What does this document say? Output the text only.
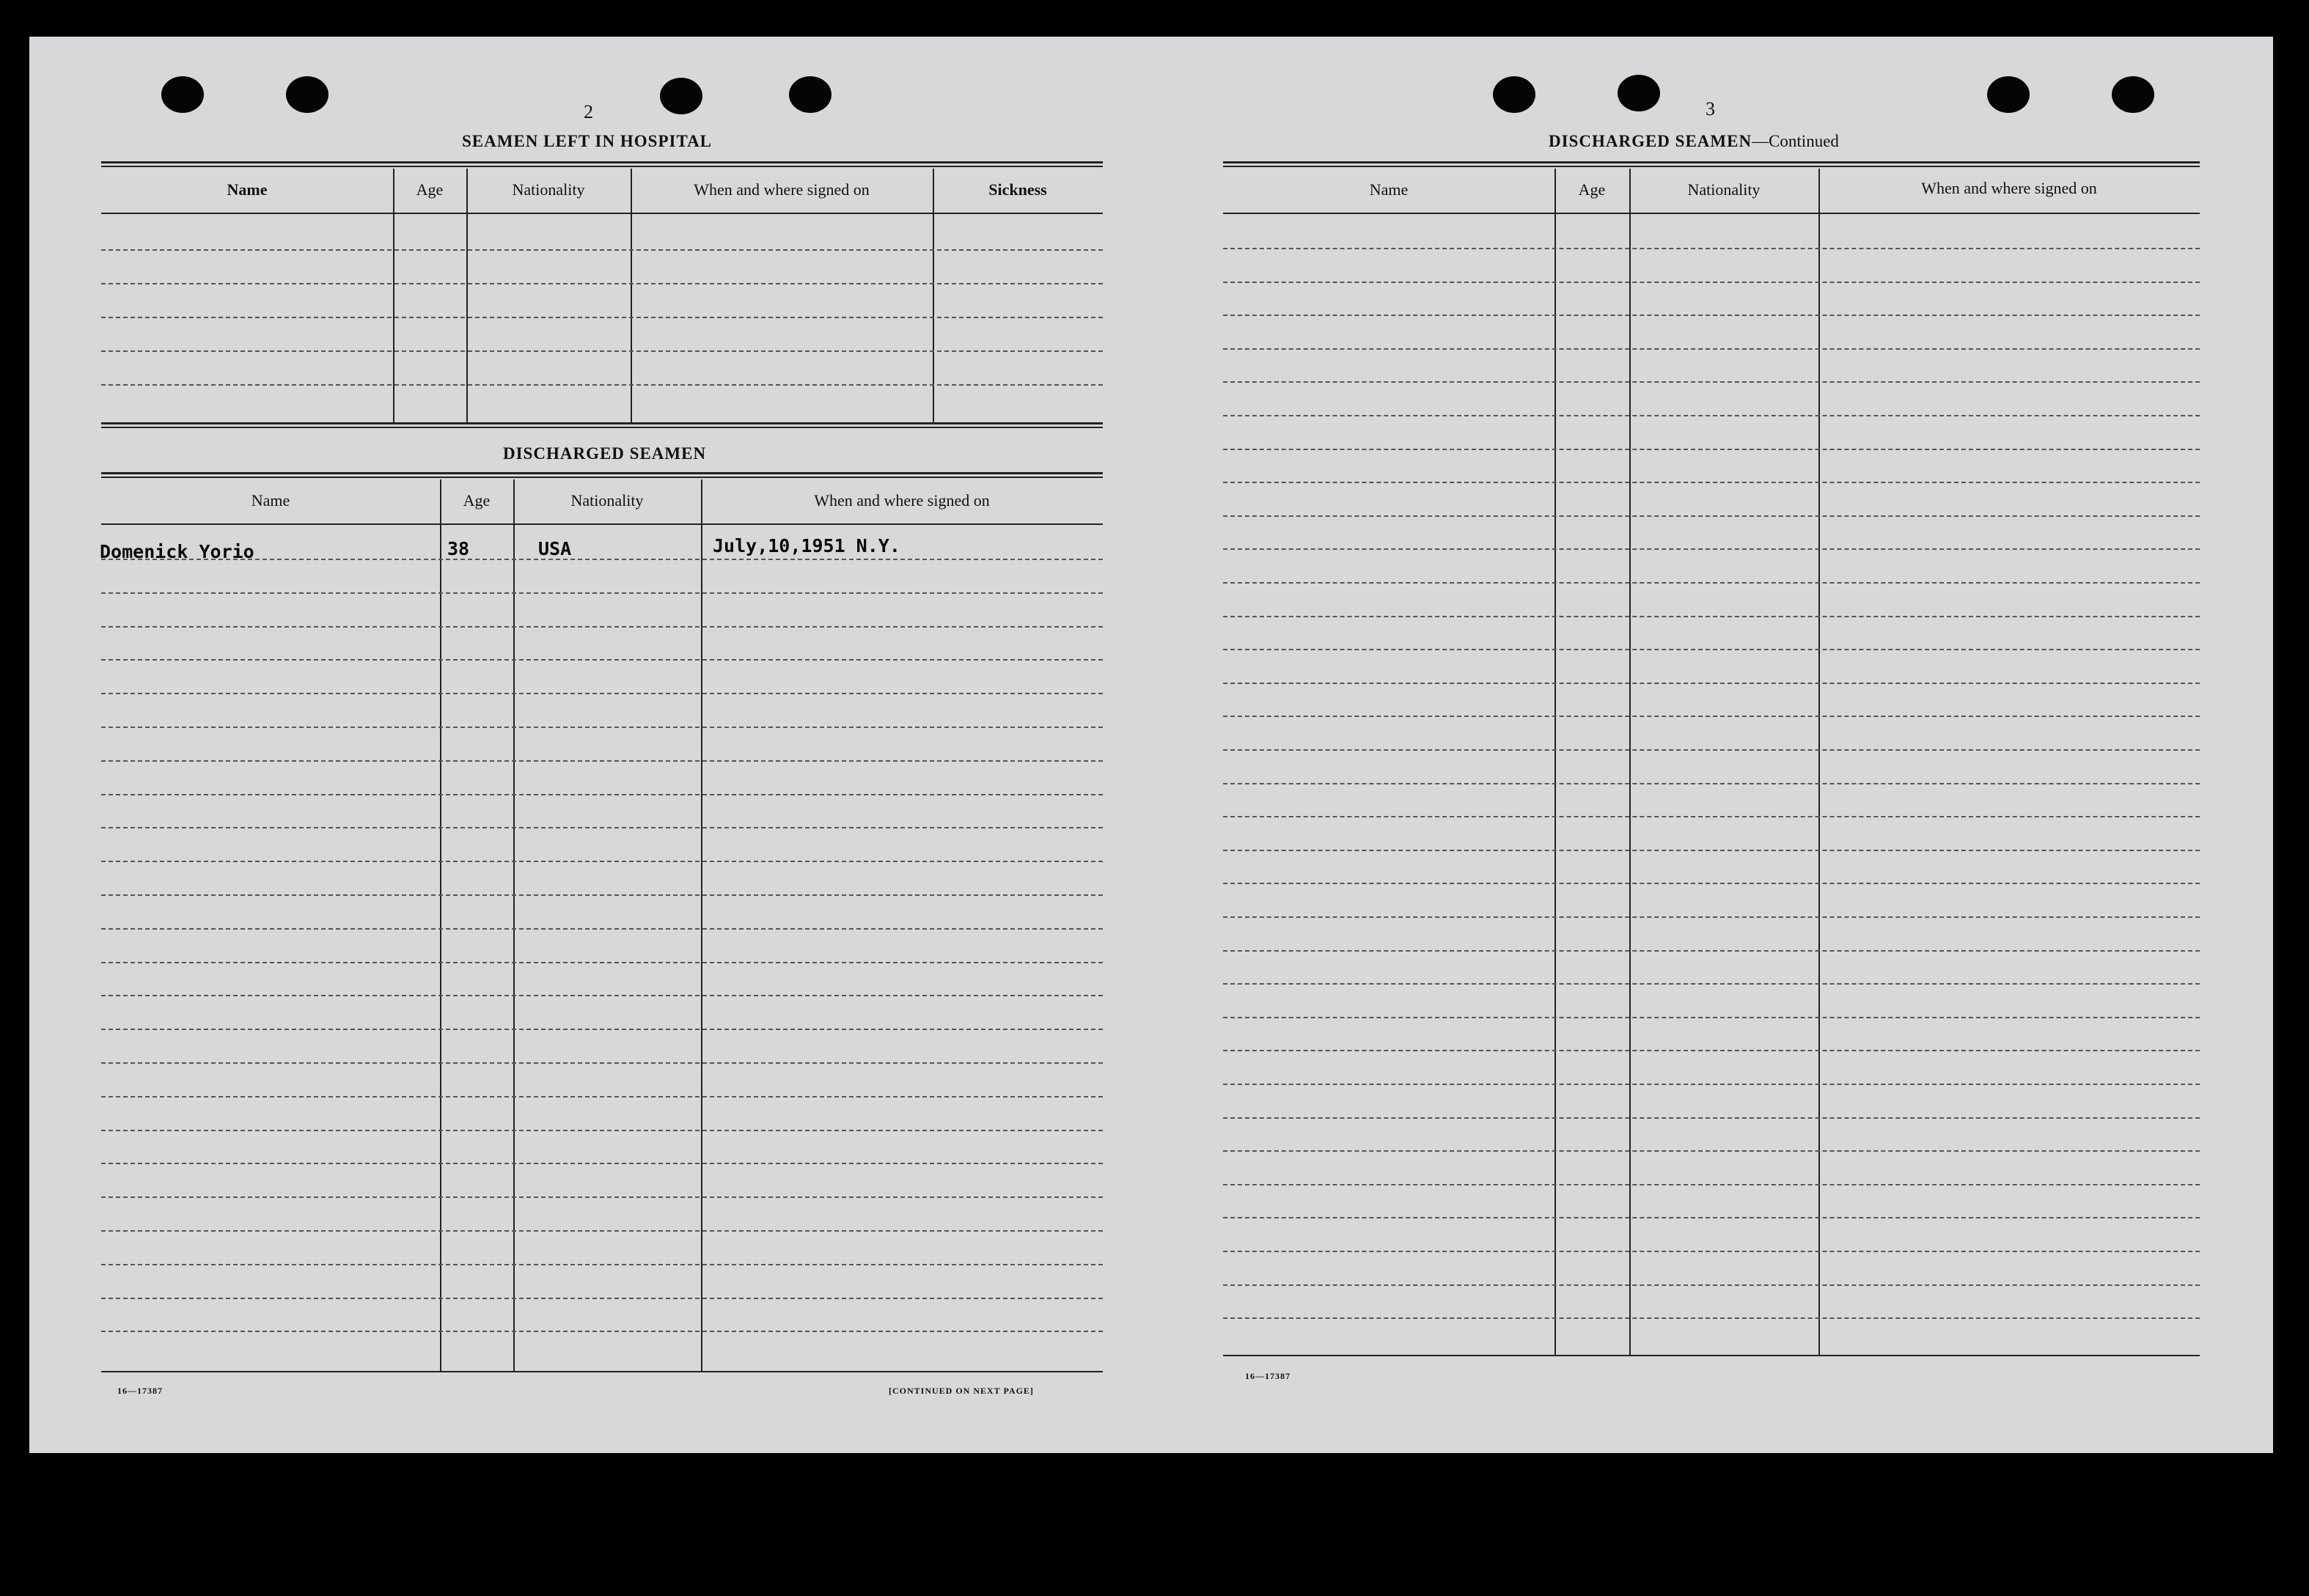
2
SEAMEN LEFT IN HOSPITAL
Name	Age	Nationality	When and where signed on	Sickness
DISCHARGED SEAMEN
Name	Age	Nationality	When and where signed on
Domenick Yorio	38	USA	July,10,1951 N.Y.
16—17387	[CONTINUED ON NEXT PAGE]
3
DISCHARGED SEAMEN—Continued
Name	Age	Nationality	When and where signed on
16—17387
